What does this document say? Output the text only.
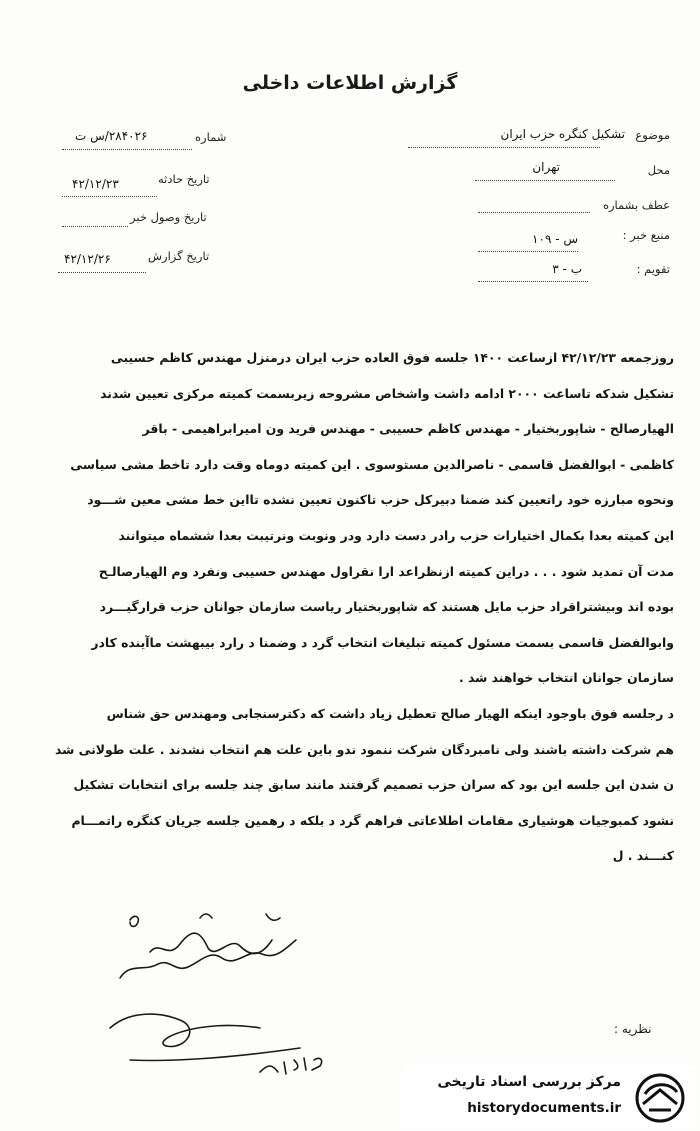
گزارش اطلاعات داخلی
موضوع
تشکیل کنگره حزب ایران
محل
تهران
عطف بشماره
منبع خبر :
س - ۱۰۹
تقویم :
ب - ۳
شماره
۲۸۴۰۲۶/س ت
تاریخ حادثه
۴۲/۱۲/۲۳
تاریخ وصول خبر
تاریخ گزارش
۴۲/۱۲/۲۶
روزجمعه ۴۲/۱۲/۲۳ ازساعت ۱۴۰۰ جلسه فوق العاده حزب ایران درمنزل مهندس کاظم حسیبی
تشکیل شدکه تاساعت ۲۰۰۰ ادامه داشت واشخاص مشروحه زیربسمت کمیته مرکزی تعیین شدند
الهیارصالح - شاپوربختیار - مهندس کاظم حسیبی - مهندس فرید ون امیرابراهیمی - باقر
کاظمی - ابوالفضل قاسمی - ناصرالدین مستوسوی . این کمیته دوماه وقت دارد تاخط مشی سیاسی
ونحوه مبارزه خود راتعیین کند ضمنا دبیرکل حزب تاکنون تعیین نشده تااین خط مشی معین شـــود
این کمیته بعدا بکمال اختیارات حزب رادر دست دارد ودر ونوبت ونرتیبت بعدا ششماه میتوانند
مدت آن تمدید شود . . . دراین کمیته ازنظراعد ارا نقراول مهندس حسیبی ونفرد وم الهیارصالـح
بوده اند وبیشتراقراد حزب مایل هستند که شاپوربختیار ریاست سازمان جوانان حزب قرارگیـــرد
وابوالفضل قاسمی بسمت مسئول کمیته تبلیغات انتخاب گرد د وضمنا د رارد بیبهشت ماآینده کادر
سازمان جوانان انتخاب خواهند شد .
د رجلسه فوق باوجود اینکه الهیار صالح تعطیل زیاد داشت که دکترسنجابی ومهندس حق شناس
هم شرکت داشته باشند ولی نامبردگان شرکت ننمود ندو باین علت هم انتخاب نشدند . علت طولانی شد
ن شدن این جلسه این بود که سران حزب تصمیم گرفتند مانند سابق چند جلسه برای انتخابات تشکیل
نشود کمبوجیات هوشیاری مقامات اطلاعاتی فراهم گرد د بلکه د رهمین جلسه جریان کنگره راتمـــام
کنـــند . ل
نظریه :
مرکز بررسی اسناد تاریخی
historydocuments.ir
